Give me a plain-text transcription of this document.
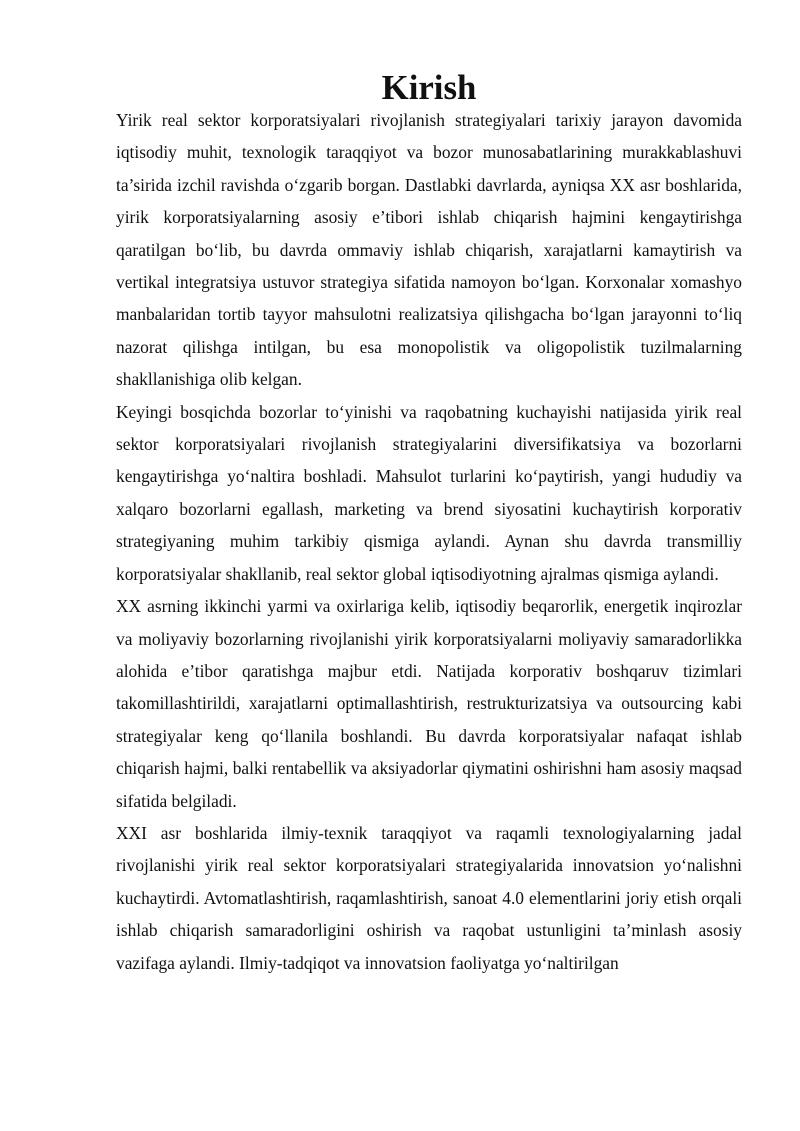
Kirish

Yirik real sektor korporatsiyalari rivojlanish strategiyalari tarixiy jarayon davomida iqtisodiy muhit, texnologik taraqqiyot va bozor munosabatlarining murakkablashuvi ta’sirida izchil ravishda o‘zgarib borgan. Dastlabki davrlarda, ayniqsa XX asr boshlarida, yirik korporatsiyalarning asosiy e’tibori ishlab chiqarish hajmini kengaytirishga qaratilgan bo‘lib, bu davrda ommaviy ishlab chiqarish, xarajatlarni kamaytirish va vertikal integratsiya ustuvor strategiya sifatida namoyon bo‘lgan. Korxonalar xomashyo manbalaridan tortib tayyor mahsulotni realizatsiya qilishgacha bo‘lgan jarayonni to‘liq nazorat qilishga intilgan, bu esa monopolistik va oligopolistik tuzilmalarning shakllanishiga olib kelgan.

Keyingi bosqichda bozorlar to‘yinishi va raqobatning kuchayishi natijasida yirik real sektor korporatsiyalari rivojlanish strategiyalarini diversifikatsiya va bozorlarni kengaytirishga yo‘naltira boshladi. Mahsulot turlarini ko‘paytirish, yangi hududiy va xalqaro bozorlarni egallash, marketing va brend siyosatini kuchaytirish korporativ strategiyaning muhim tarkibiy qismiga aylandi. Aynan shu davrda transmilliy korporatsiyalar shakllanib, real sektor global iqtisodiyotning ajralmas qismiga aylandi.

XX asrning ikkinchi yarmi va oxirlariga kelib, iqtisodiy beqarorlik, energetik inqirozlar va moliyaviy bozorlarning rivojlanishi yirik korporatsiyalarni moliyaviy samaradorlikka alohida e’tibor qaratishga majbur etdi. Natijada korporativ boshqaruv tizimlari takomillashtirildi, xarajatlarni optimallashtirish, restrukturizatsiya va outsourcing kabi strategiyalar keng qo‘llanila boshlandi. Bu davrda korporatsiyalar nafaqat ishlab chiqarish hajmi, balki rentabellik va aksiyadorlar qiymatini oshirishni ham asosiy maqsad sifatida belgiladi.

XXI asr boshlarida ilmiy-texnik taraqqiyot va raqamli texnologiyalarning jadal rivojlanishi yirik real sektor korporatsiyalari strategiyalarida innovatsion yo‘nalishni kuchaytirdi. Avtomatlashtirish, raqamlashtirish, sanoat 4.0 elementlarini joriy etish orqali ishlab chiqarish samaradorligini oshirish va raqobat ustunligini ta’minlash asosiy vazifaga aylandi. Ilmiy-tadqiqot va innovatsion faoliyatga yo‘naltirilgan
